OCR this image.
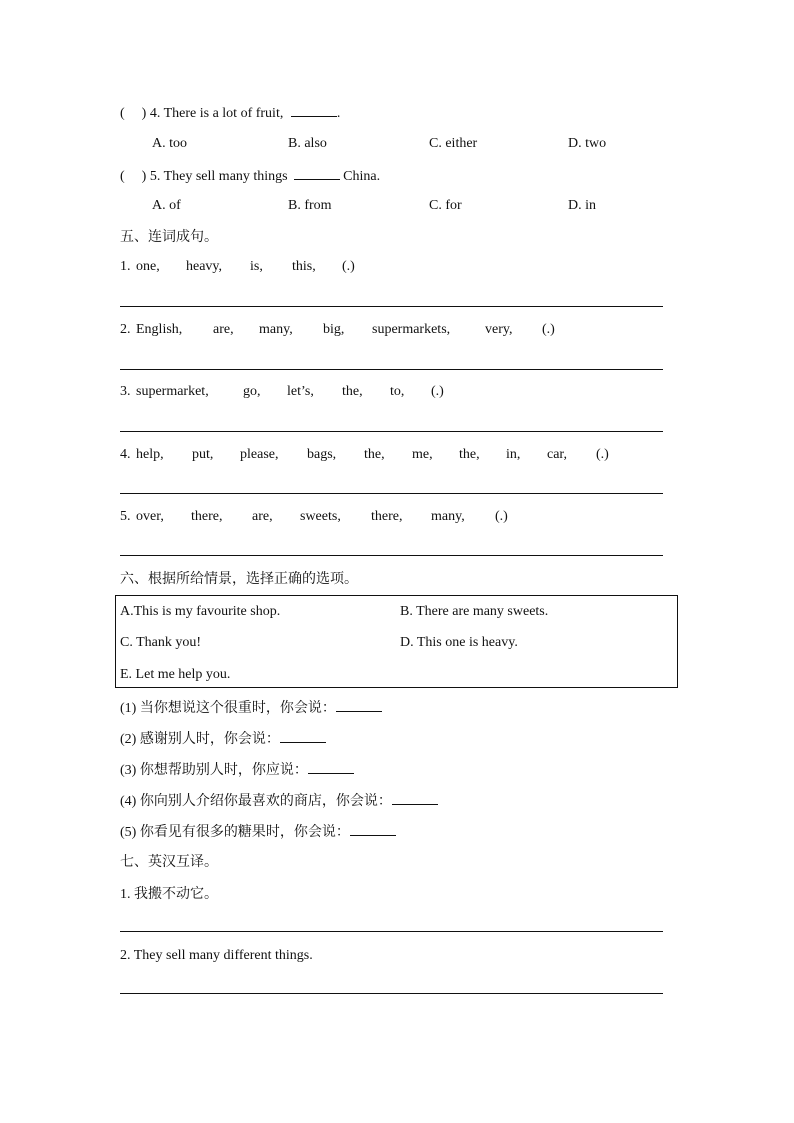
( ) 4. There is a lot of fruit,	.
A. too	B. also	C. either	D. two
( ) 5. They sell many things	China.
A. of	B. from	C. for	D. in
五、连词成句。
1. one, heavy, is, this, (.)
2. English, are, many, big, supermarkets, very, (.)
3. supermarket, go, let’s, the, to, (.)
4. help, put, please, bags, the, me, the, in, car, (.)
5. over, there, are, sweets, there, many, (.)
六、根据所给情景，选择正确的选项。
A.This is my favourite shop.	B. There are many sweets.
C. Thank you!	D. This one is heavy.
E. Let me help you.
(1) 当你想说这个很重时，你会说：
(2) 感谢别人时，你会说：
(3) 你想帮助别人时，你应说：
(4) 你向别人介绍你最喜欢的商店，你会说：
(5) 你看见有很多的糖果时，你会说：
七、英汉互译。
1. 我搬不动它。
2. They sell many different things.
